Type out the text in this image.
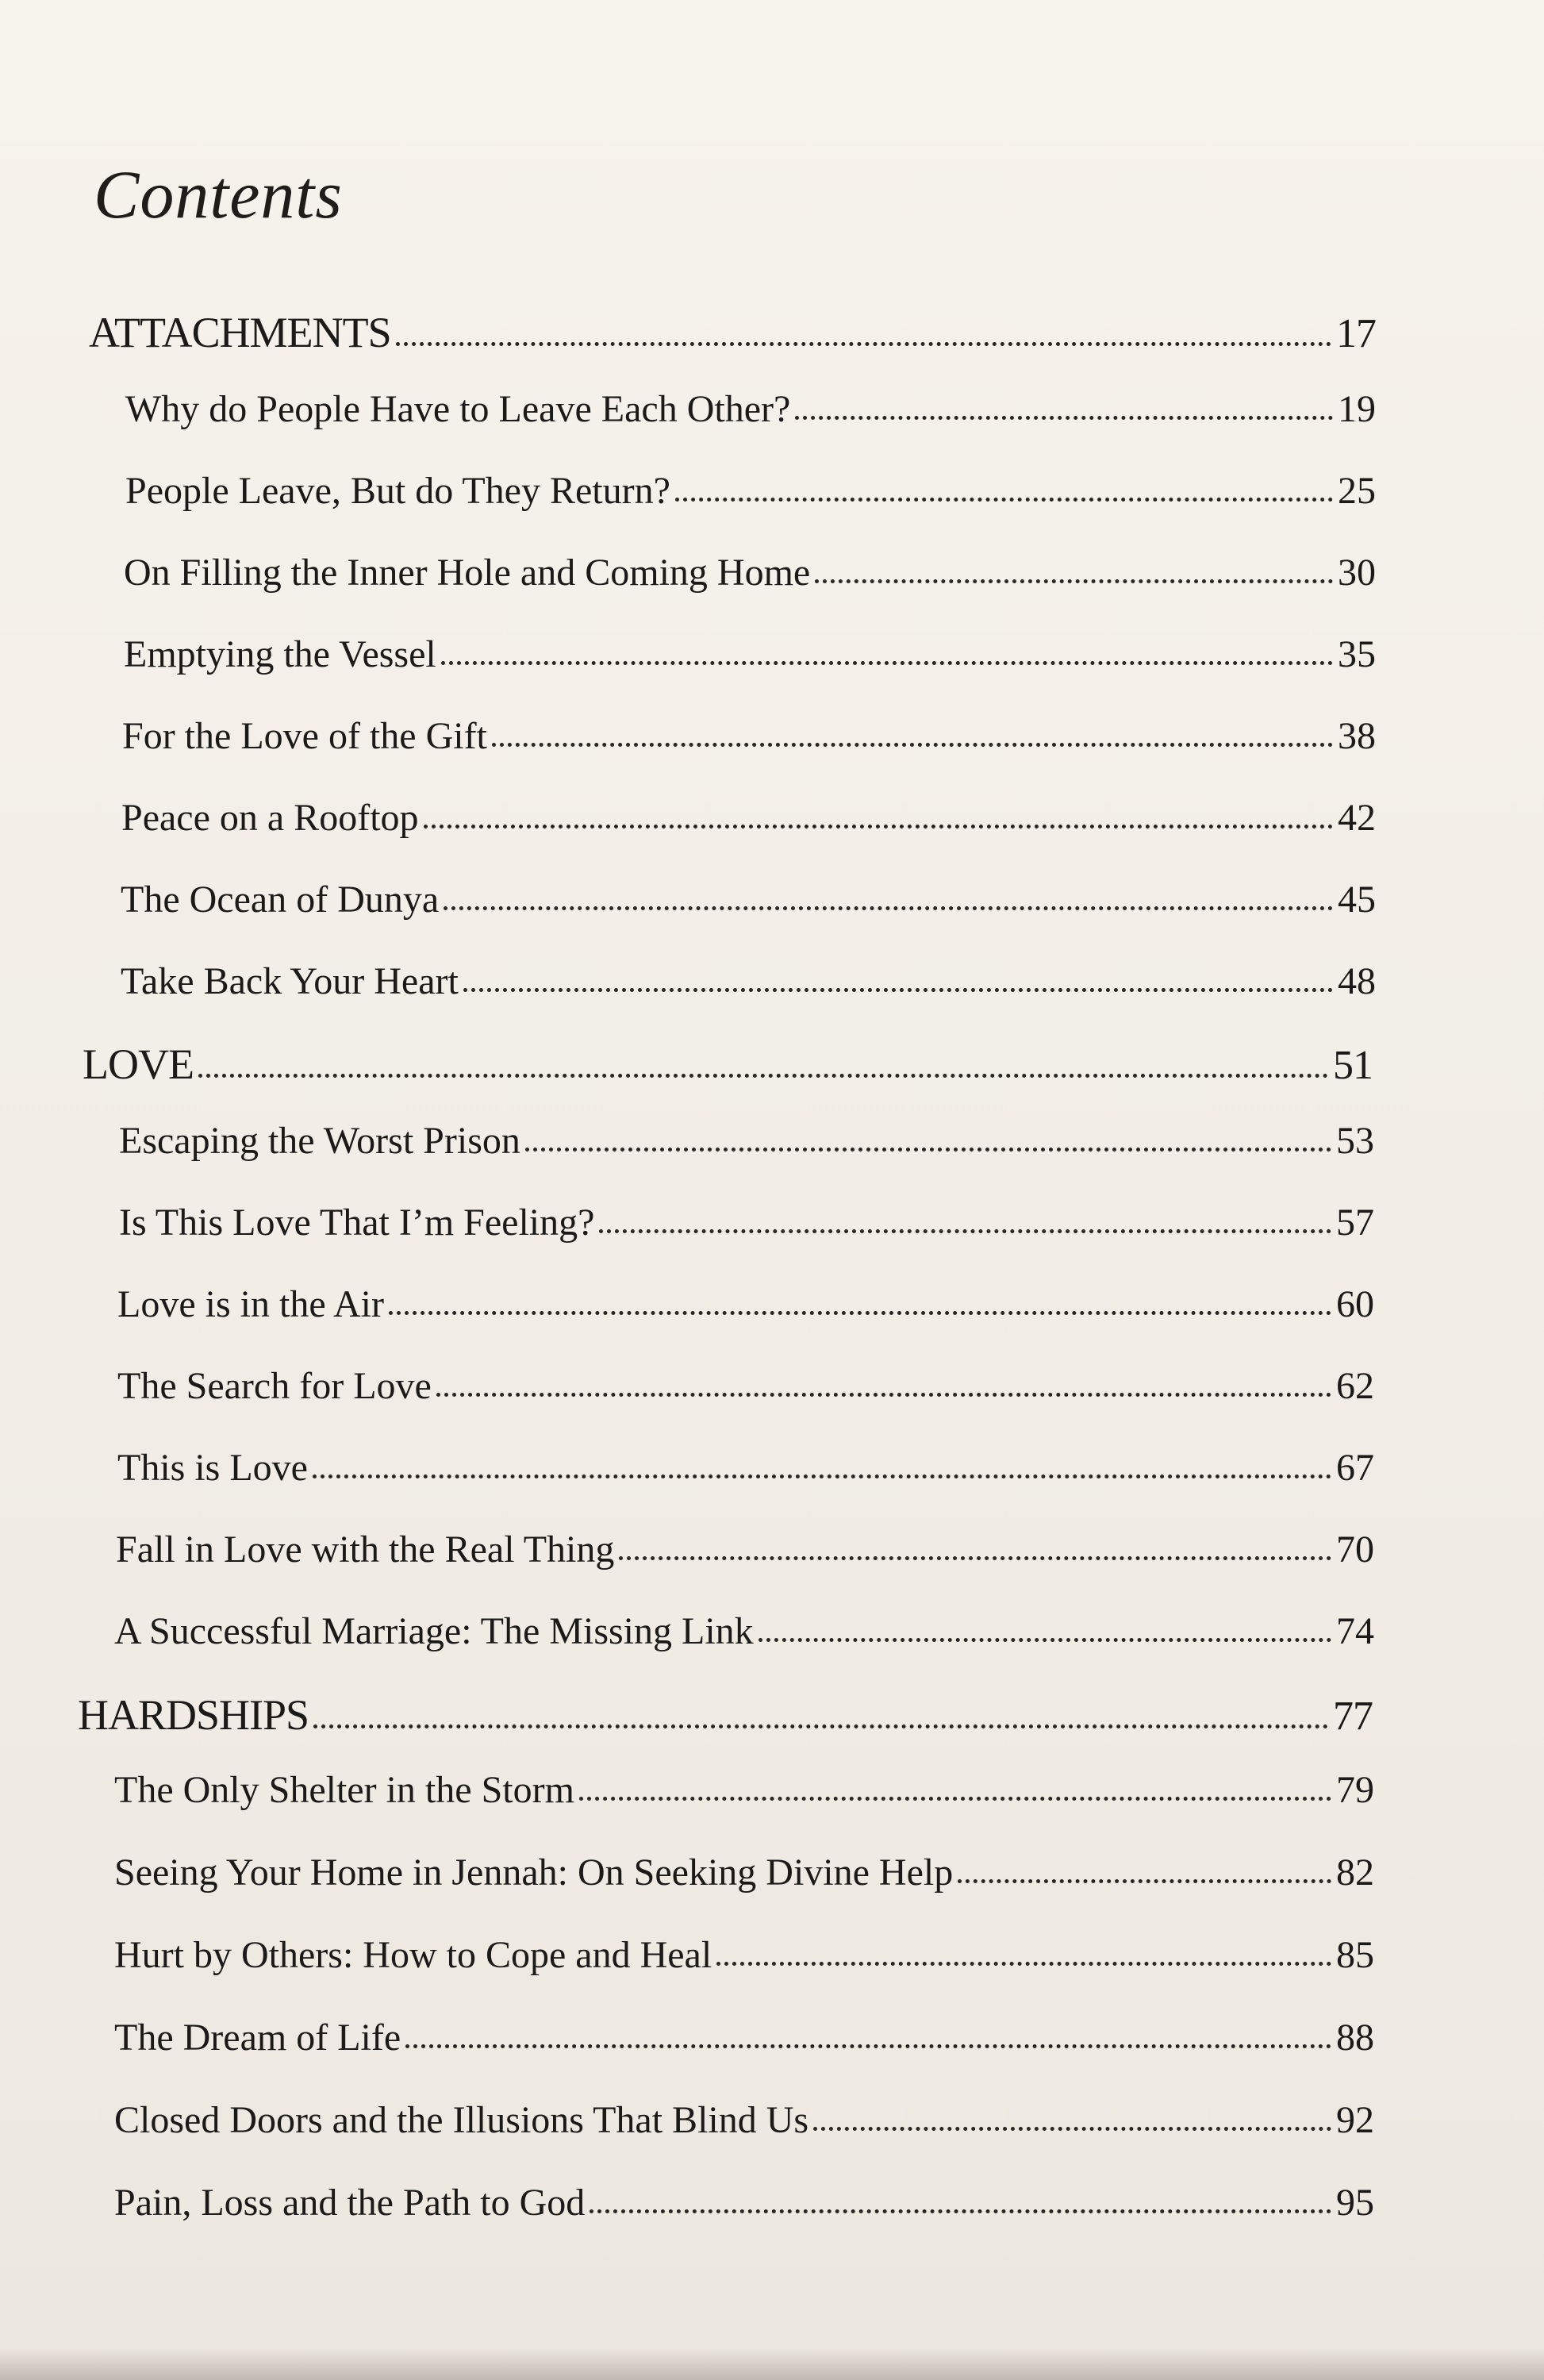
Contents
ATTACHMENTS	17
Why do People Have to Leave Each Other?	19
People Leave, But do They Return?	25
On Filling the Inner Hole and Coming Home	30
Emptying the Vessel	35
For the Love of the Gift	38
Peace on a Rooftop	42
The Ocean of Dunya	45
Take Back Your Heart	48
LOVE	51
Escaping the Worst Prison	53
Is This Love That I’m Feeling?	57
Love is in the Air	60
The Search for Love	62
This is Love	67
Fall in Love with the Real Thing	70
A Successful Marriage: The Missing Link	74
HARDSHIPS	77
The Only Shelter in the Storm	79
Seeing Your Home in Jennah: On Seeking Divine Help	82
Hurt by Others: How to Cope and Heal	85
The Dream of Life	88
Closed Doors and the Illusions That Blind Us	92
Pain, Loss and the Path to God	95
